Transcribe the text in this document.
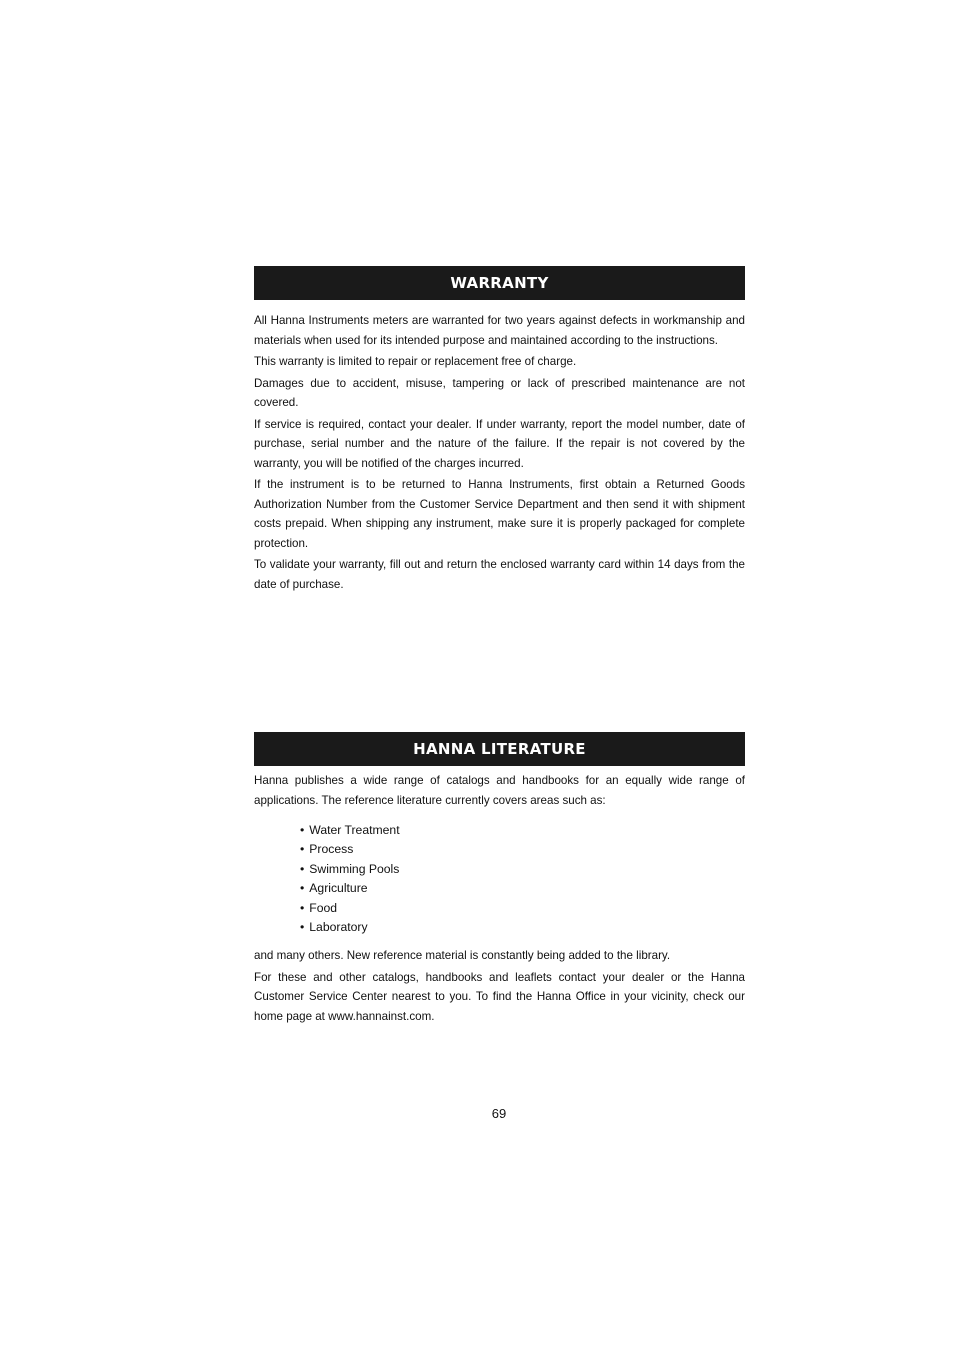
WARRANTY

All Hanna Instruments meters are warranted for two years against defects in workmanship and materials when used for its intended purpose and maintained according to the instructions.

This warranty is limited to repair or replacement free of charge.

Damages due to accident, misuse, tampering or lack of prescribed maintenance are not covered.

If service is required, contact your dealer. If under warranty, report the model number, date of purchase, serial number and the nature of the failure. If the repair is not covered by the warranty, you will be notified of the charges incurred.

If the instrument is to be returned to Hanna Instruments, first obtain a Returned Goods Authorization Number from the Customer Service Department and then send it with shipment costs prepaid. When shipping any instrument, make sure it is properly packaged for complete protection.

To validate your warranty, fill out and return the enclosed warranty card within 14 days from the date of purchase.

HANNA LITERATURE

Hanna publishes a wide range of catalogs and handbooks for an equally wide range of applications. The reference literature currently covers areas such as:

• Water Treatment
• Process
• Swimming Pools
• Agriculture
• Food
• Laboratory

and many others. New reference material is constantly being added to the library.

For these and other catalogs, handbooks and leaflets contact your dealer or the Hanna Customer Service Center nearest to you. To find the Hanna Office in your vicinity, check our home page at www.hannainst.com.

69
